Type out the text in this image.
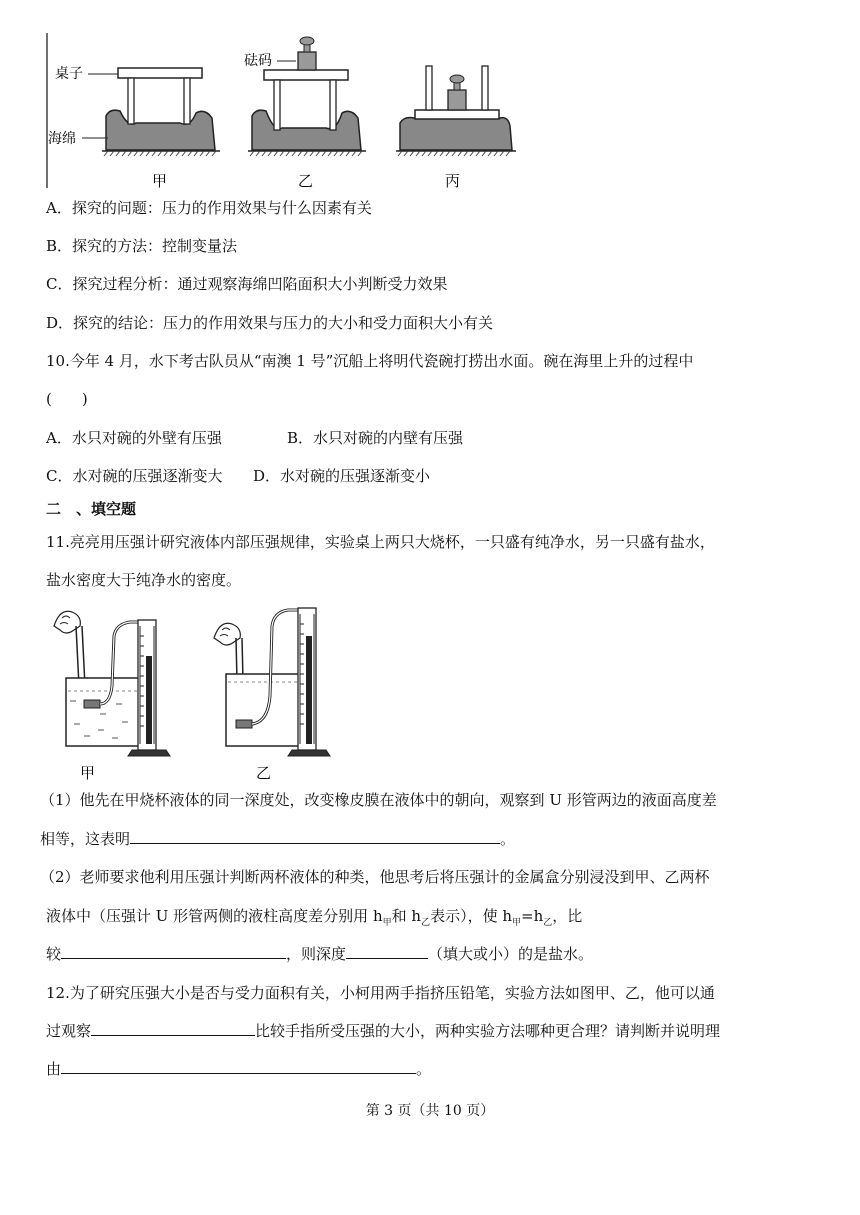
桌子
海绵
甲
砝码
乙	丙
A．探究的问题：压力的作用效果与什么因素有关
B．探究的方法：控制变量法
C．探究过程分析：通过观察海绵凹陷面积大小判断受力效果
D．探究的结论：压力的作用效果与压力的大小和受力面积大小有关
10.今年 4 月，水下考古队员从“南澳 1 号”沉船上将明代瓷碗打捞出水面。碗在海里上升的过程中
(　　)
A．水只对碗的外壁有压强	B．水只对碗的内壁有压强
C．水对碗的压强逐渐变大 D．水对碗的压强逐渐变小
二　、填空题
11.亮亮用压强计研究液体内部压强规律，实验桌上两只大烧杯，一只盛有纯净水，另一只盛有盐水，
盐水密度大于纯净水的密度。
甲	乙
（1）他先在甲烧杯液体的同一深度处，改变橡皮膜在液体中的朝向，观察到 U 形管两边的液面高度差
相等，这表明	。
（2）老师要求他利用压强计判断两杯液体的种类，他思考后将压强计的金属盒分别浸没到甲、乙两杯
液体中（压强计 U 形管两侧的液柱高度差分别用 $h_甲$和 $h_乙$表示），使 $h_甲=h_乙$，比
较	，则深度	（填大或小）的是盐水。
12.为了研究压强大小是否与受力面积有关，小柯用两手指挤压铅笔，实验方法如图甲、乙，他可以通
过观察	比较手指所受压强的大小，两种实验方法哪种更合理？请判断并说明理
由	。
第 3 页（共 10 页）
